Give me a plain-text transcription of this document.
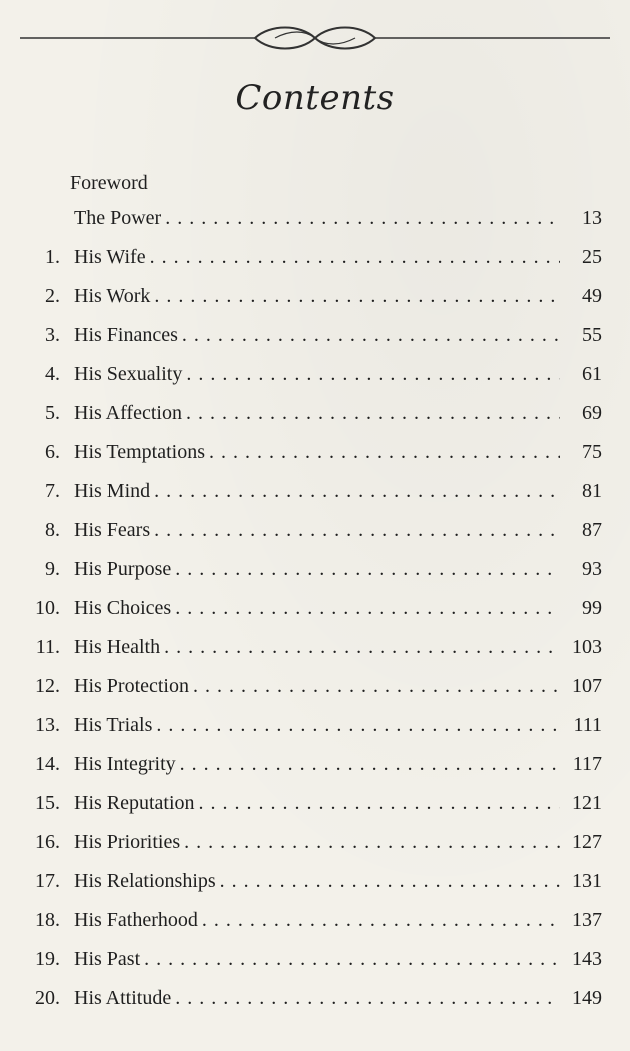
Contents
Foreword
The Power . . .	13
1. His Wife . . .	25
2. His Work . . .	49
3. His Finances . . .	55
4. His Sexuality . . .	61
5. His Affection . . .	69
6. His Temptations . . .	75
7. His Mind . . .	81
8. His Fears . . .	87
9. His Purpose . . .	93
10. His Choices . . .	99
11. His Health . . .	103
12. His Protection . . .	107
13. His Trials . . .	111
14. His Integrity . . .	117
15. His Reputation . . .	121
16. His Priorities . . .	127
17. His Relationships . . .	131
18. His Fatherhood . . .	137
19. His Past . . .	143
20. His Attitude . . .	149
